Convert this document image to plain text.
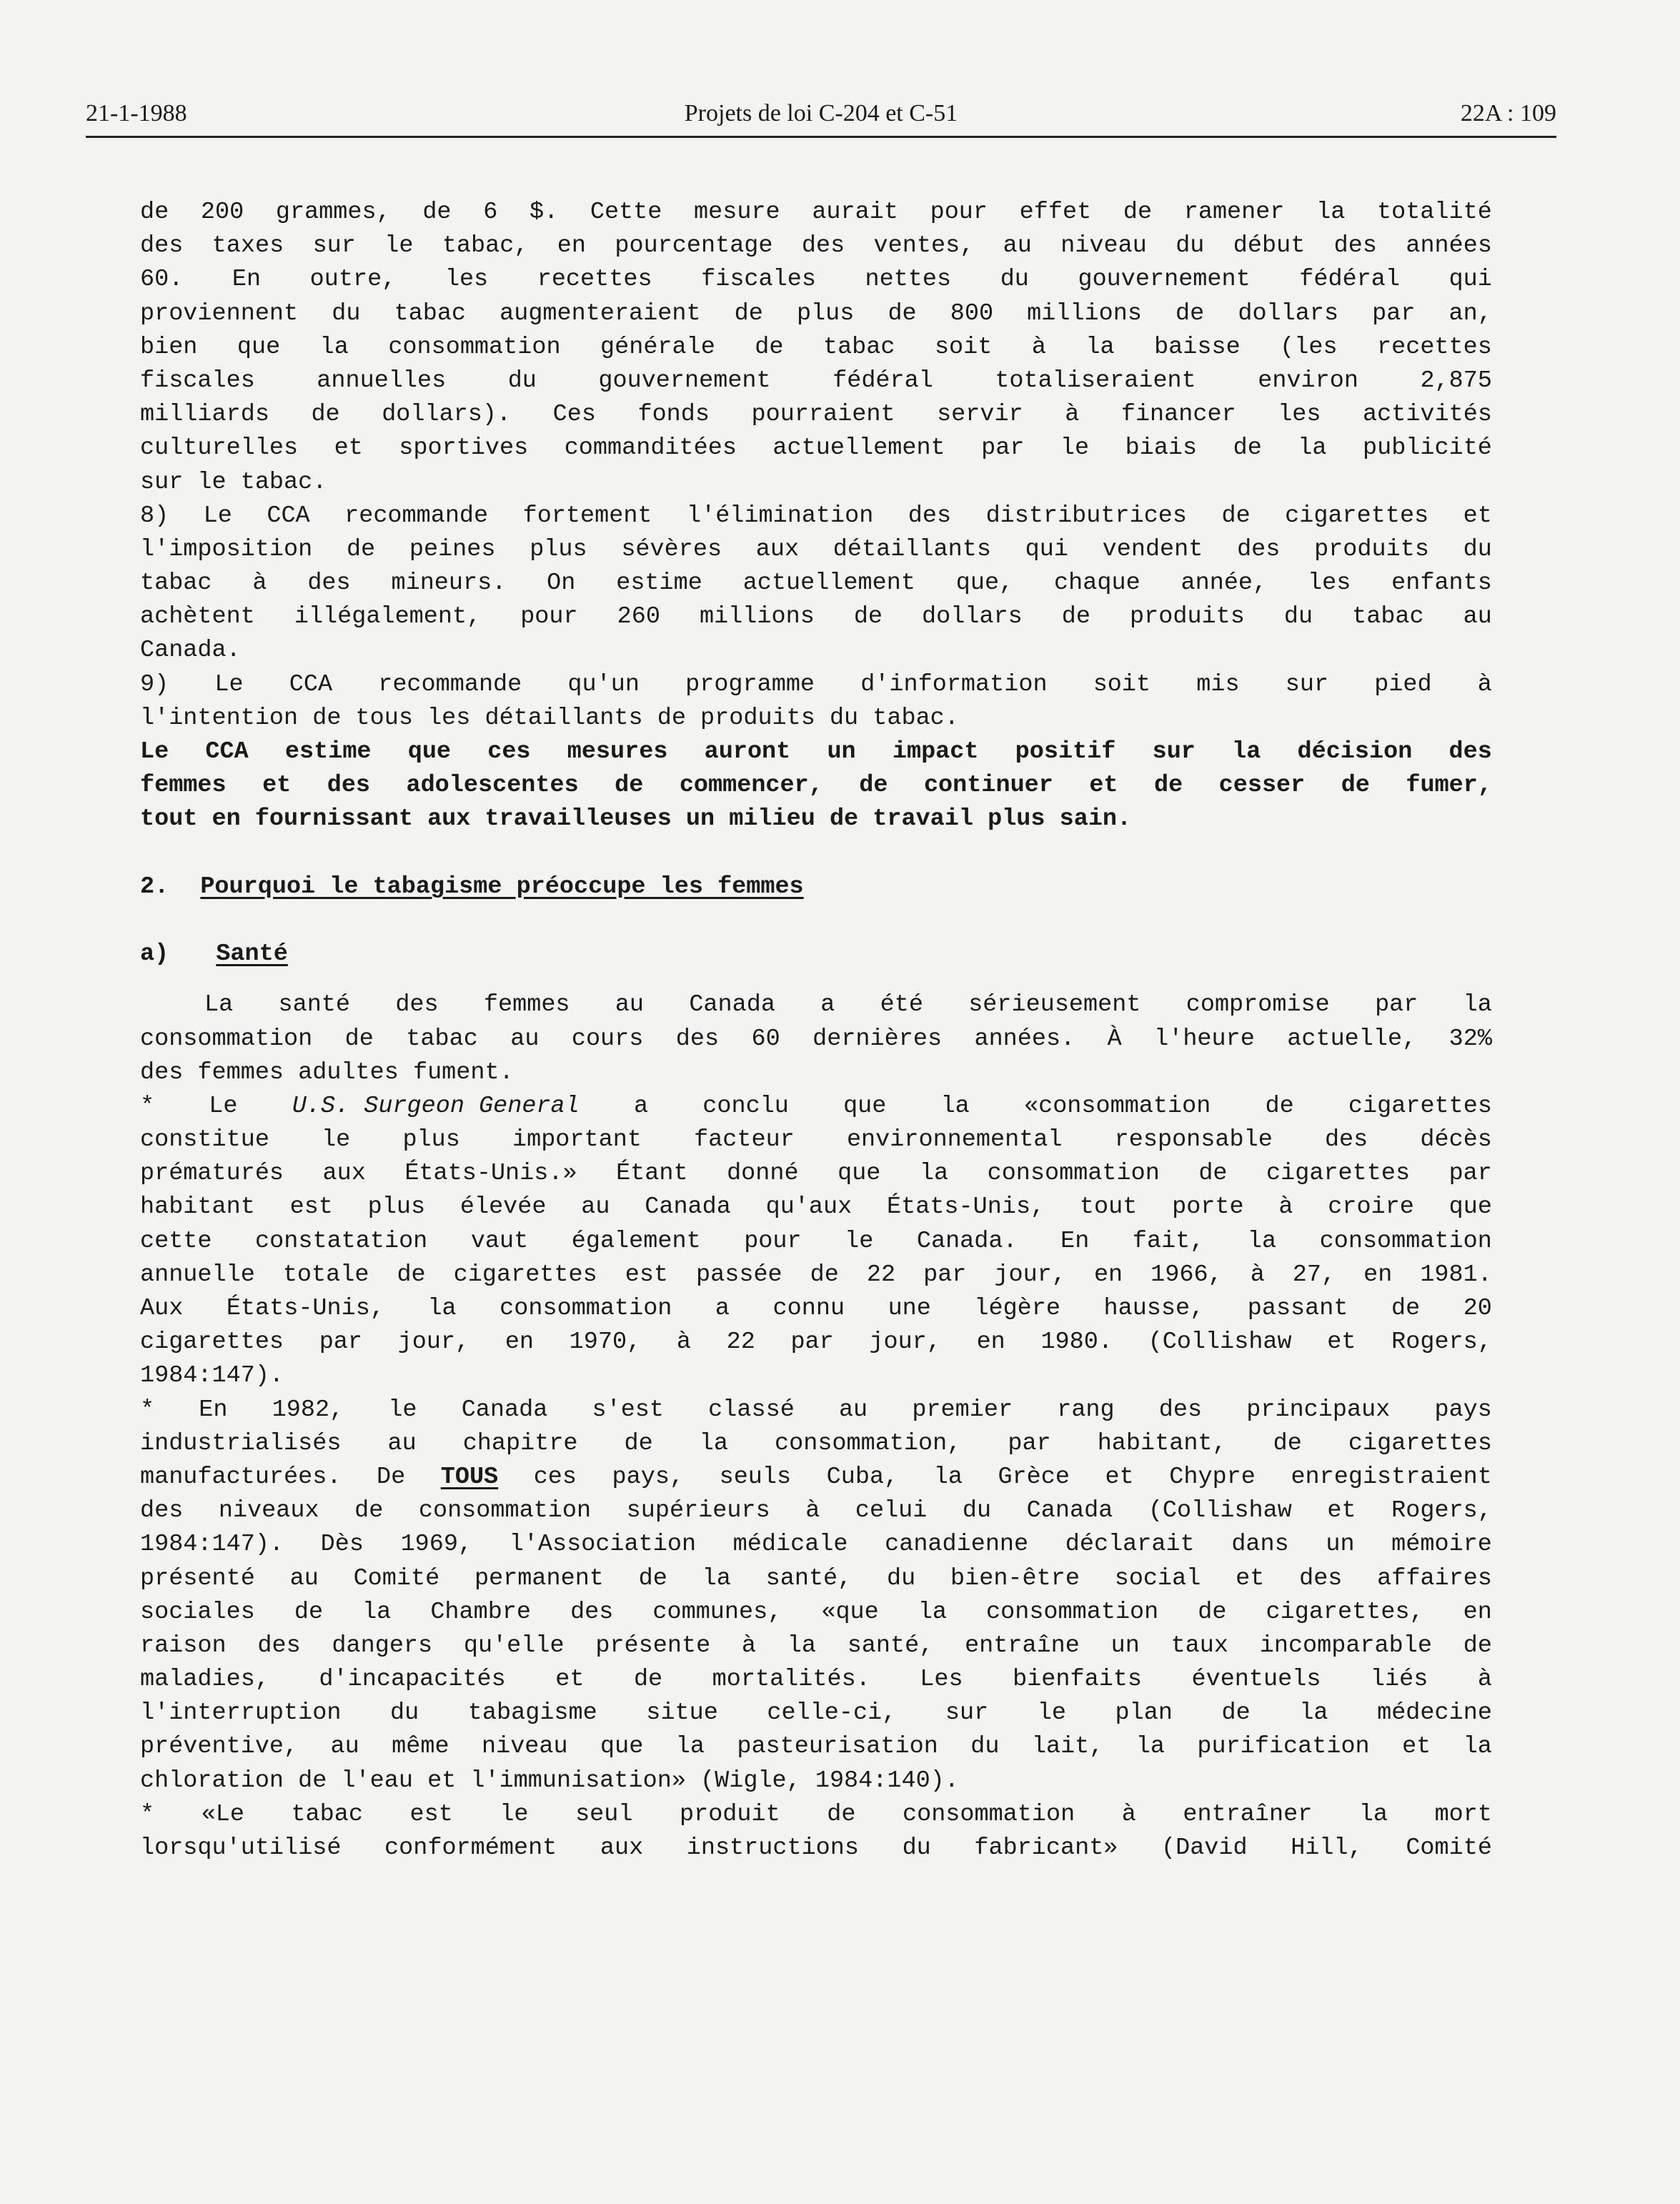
21-1-1988	Projets de loi C-204 et C-51	22A : 109
de 200 grammes, de 6 $. Cette mesure aurait pour effet de ramener la totalité
des taxes sur le tabac, en pourcentage des ventes, au niveau du début des années
60. En outre, les recettes fiscales nettes du gouvernement fédéral qui
proviennent du tabac augmenteraient de plus de 800 millions de dollars par an,
bien que la consommation générale de tabac soit à la baisse (les recettes
fiscales	annuelles	du	gouvernement	fédéral	totaliseraient	environ	2,875
milliards de dollars). Ces fonds pourraient servir à financer les activités
culturelles et sportives commanditées actuellement par le biais de la publicité
sur le tabac.
8) Le CCA recommande fortement l'élimination des distributrices de cigarettes et
l'imposition de peines plus sévères aux détaillants qui vendent des produits du
tabac à des mineurs. On estime actuellement que, chaque année, les enfants
achètent illégalement, pour 260 millions de dollars de produits du tabac au
Canada.
9) Le CCA recommande qu'un programme d'information soit mis sur pied à
l'intention de tous les détaillants de produits du tabac.
Le CCA estime que ces mesures auront un impact positif sur la décision des
femmes et des adolescentes de commencer, de continuer et de cesser de fumer,
tout en fournissant aux travailleuses un milieu de travail plus sain.
2. Pourquoi le tabagisme préoccupe les femmes
a) Santé
La santé des femmes au Canada a été sérieusement compromise par la
consommation de tabac au cours des 60 dernières années. À l'heure actuelle, 32%
des femmes adultes fument.
* Le U.S. Surgeon General a conclu que la «consommation de cigarettes
constitue le plus important facteur environnemental responsable des décès
prématurés aux États-Unis.» Étant donné que la consommation de cigarettes par
habitant est plus élevée au Canada qu'aux États-Unis, tout porte à croire que
cette constatation vaut également pour le Canada. En fait, la consommation
annuelle totale de cigarettes est passée de 22 par jour, en 1966, à 27, en 1981.
Aux États-Unis, la consommation a connu une légère hausse, passant de 20
cigarettes par jour, en 1970, à 22 par jour, en 1980. (Collishaw et Rogers,
1984:147).
* En 1982, le Canada s'est classé au premier rang des principaux pays
industrialisés au chapitre de la consommation, par habitant, de cigarettes
manufacturées. De TOUS ces pays, seuls Cuba, la Grèce et Chypre enregistraient
des niveaux de consommation supérieurs à celui du Canada (Collishaw et Rogers,
1984:147). Dès 1969, l'Association médicale canadienne déclarait dans un mémoire
présenté au Comité permanent de la santé, du bien-être social et des affaires
sociales de la Chambre des communes, «que la consommation de cigarettes, en
raison des dangers qu'elle présente à la santé, entraîne un taux incomparable de
maladies, d'incapacités et de mortalités. Les bienfaits éventuels liés à
l'interruption du tabagisme situe celle-ci, sur le plan de la médecine
préventive, au même niveau que la pasteurisation du lait, la purification et la
chloration de l'eau et l'immunisation» (Wigle, 1984:140).
* «Le tabac est le seul produit de consommation à entraîner la mort
lorsqu'utilisé conformément aux instructions du fabricant» (David Hill, Comité
